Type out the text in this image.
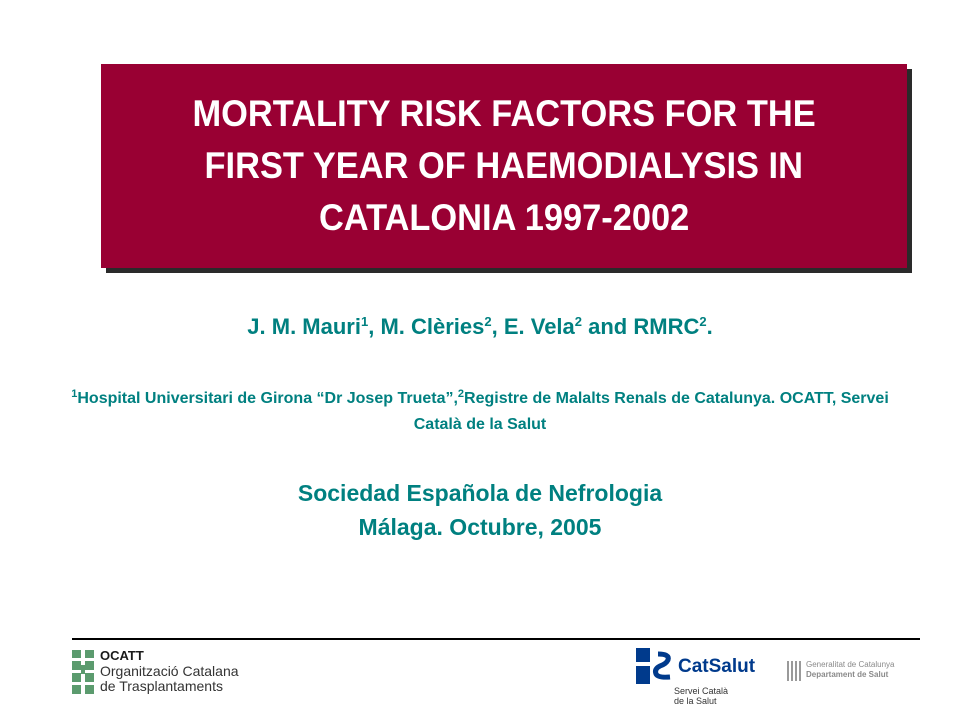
MORTALITY RISK FACTORS FOR THE
FIRST YEAR OF HAEMODIALYSIS IN
CATALONIA 1997-2002
J. M. Mauri$^1$, M. Clèries$^2$, E. Vela$^2$ and RMRC$^2$.
$^1$Hospital Universitari de Girona “Dr Josep Trueta”,$^2$Registre de Malalts Renals de Catalunya. OCATT, Servei Català de la Salut
Sociedad Española de Nefrologia
Málaga. Octubre, 2005
OCATT
Organització Catalana
de Trasplantaments
CatSalut
Servei Català
de la Salut
Generalitat de Catalunya
Departament de Salut
